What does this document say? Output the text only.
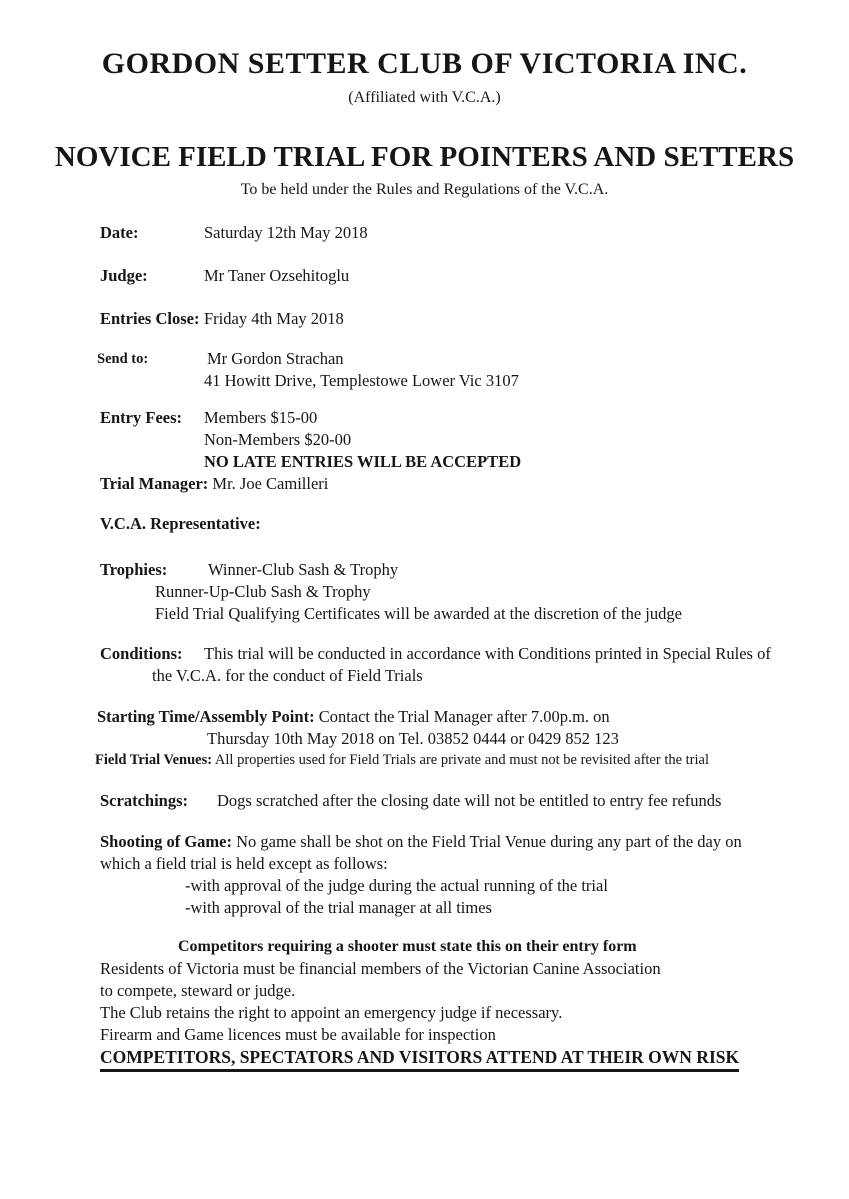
GORDON SETTER CLUB OF VICTORIA INC.
(Affiliated with V.C.A.)
NOVICE FIELD TRIAL FOR POINTERS AND SETTERS
To be held under the Rules and Regulations of the V.C.A.
Date:	Saturday 12th May 2018
Judge:	Mr Taner Ozsehitoglu
Entries Close: Friday 4th May 2018
Send to:	Mr Gordon Strachan
41 Howitt Drive, Templestowe Lower Vic 3107
Entry Fees:	Members $15-00
Non-Members $20-00
NO LATE ENTRIES WILL BE ACCEPTED
Trial Manager: Mr. Joe Camilleri
V.C.A. Representative:
Trophies:	Winner-Club Sash & Trophy
Runner-Up-Club Sash & Trophy
Field Trial Qualifying Certificates will be awarded at the discretion of the judge
Conditions:	This trial will be conducted in accordance with Conditions printed in Special Rules of
the V.C.A. for the conduct of Field Trials
Starting Time/Assembly Point: Contact the Trial Manager after 7.00p.m. on
Thursday 10th May 2018 on Tel. 03852 0444 or 0429 852 123
Field Trial Venues: All properties used for Field Trials are private and must not be revisited after the trial
Scratchings:	Dogs scratched after the closing date will not be entitled to entry fee refunds
Shooting of Game: No game shall be shot on the Field Trial Venue during any part of the day on
which a field trial is held except as follows:
-with approval of the judge during the actual running of the trial
-with approval of the trial manager at all times
Competitors requiring a shooter must state this on their entry form
Residents of Victoria must be financial members of the Victorian Canine Association
to compete, steward or judge.
The Club retains the right to appoint an emergency judge if necessary.
Firearm and Game licences must be available for inspection
COMPETITORS, SPECTATORS AND VISITORS ATTEND AT THEIR OWN RISK
